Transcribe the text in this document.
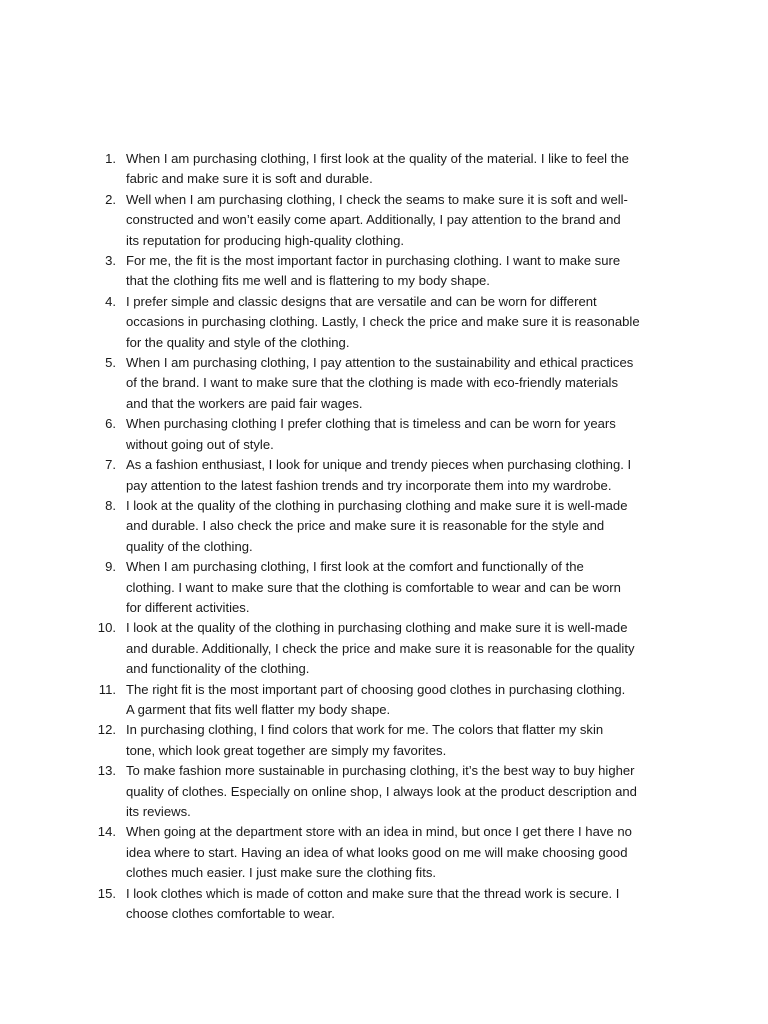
1. When I am purchasing clothing, I first look at the quality of the material. I like to feel the
fabric and make sure it is soft and durable.
2. Well when I am purchasing clothing, I check the seams to make sure it is soft and well-
constructed and won’t easily come apart. Additionally, I pay attention to the brand and
its reputation for producing high-quality clothing.
3. For me, the fit is the most important factor in purchasing clothing. I want to make sure
that the clothing fits me well and is flattering to my body shape.
4. I prefer simple and classic designs that are versatile and can be worn for different
occasions in purchasing clothing. Lastly, I check the price and make sure it is reasonable
for the quality and style of the clothing.
5. When I am purchasing clothing, I pay attention to the sustainability and ethical practices
of the brand. I want to make sure that the clothing is made with eco-friendly materials
and that the workers are paid fair wages.
6. When purchasing clothing I prefer clothing that is timeless and can be worn for years
without going out of style.
7. As a fashion enthusiast, I look for unique and trendy pieces when purchasing clothing. I
pay attention to the latest fashion trends and try incorporate them into my wardrobe.
8. I look at the quality of the clothing in purchasing clothing and make sure it is well-made
and durable. I also check the price and make sure it is reasonable for the style and
quality of the clothing.
9. When I am purchasing clothing, I first look at the comfort and functionally of the
clothing. I want to make sure that the clothing is comfortable to wear and can be worn
for different activities.
10. I look at the quality of the clothing in purchasing clothing and make sure it is well-made
and durable. Additionally, I check the price and make sure it is reasonable for the quality
and functionality of the clothing.
11. The right fit is the most important part of choosing good clothes in purchasing clothing.
A garment that fits well flatter my body shape.
12. In purchasing clothing, I find colors that work for me. The colors that flatter my skin
tone, which look great together are simply my favorites.
13. To make fashion more sustainable in purchasing clothing, it’s the best way to buy higher
quality of clothes. Especially on online shop, I always look at the product description and
its reviews.
14. When going at the department store with an idea in mind, but once I get there I have no
idea where to start. Having an idea of what looks good on me will make choosing good
clothes much easier. I just make sure the clothing fits.
15. I look clothes which is made of cotton and make sure that the thread work is secure. I
choose clothes comfortable to wear.
